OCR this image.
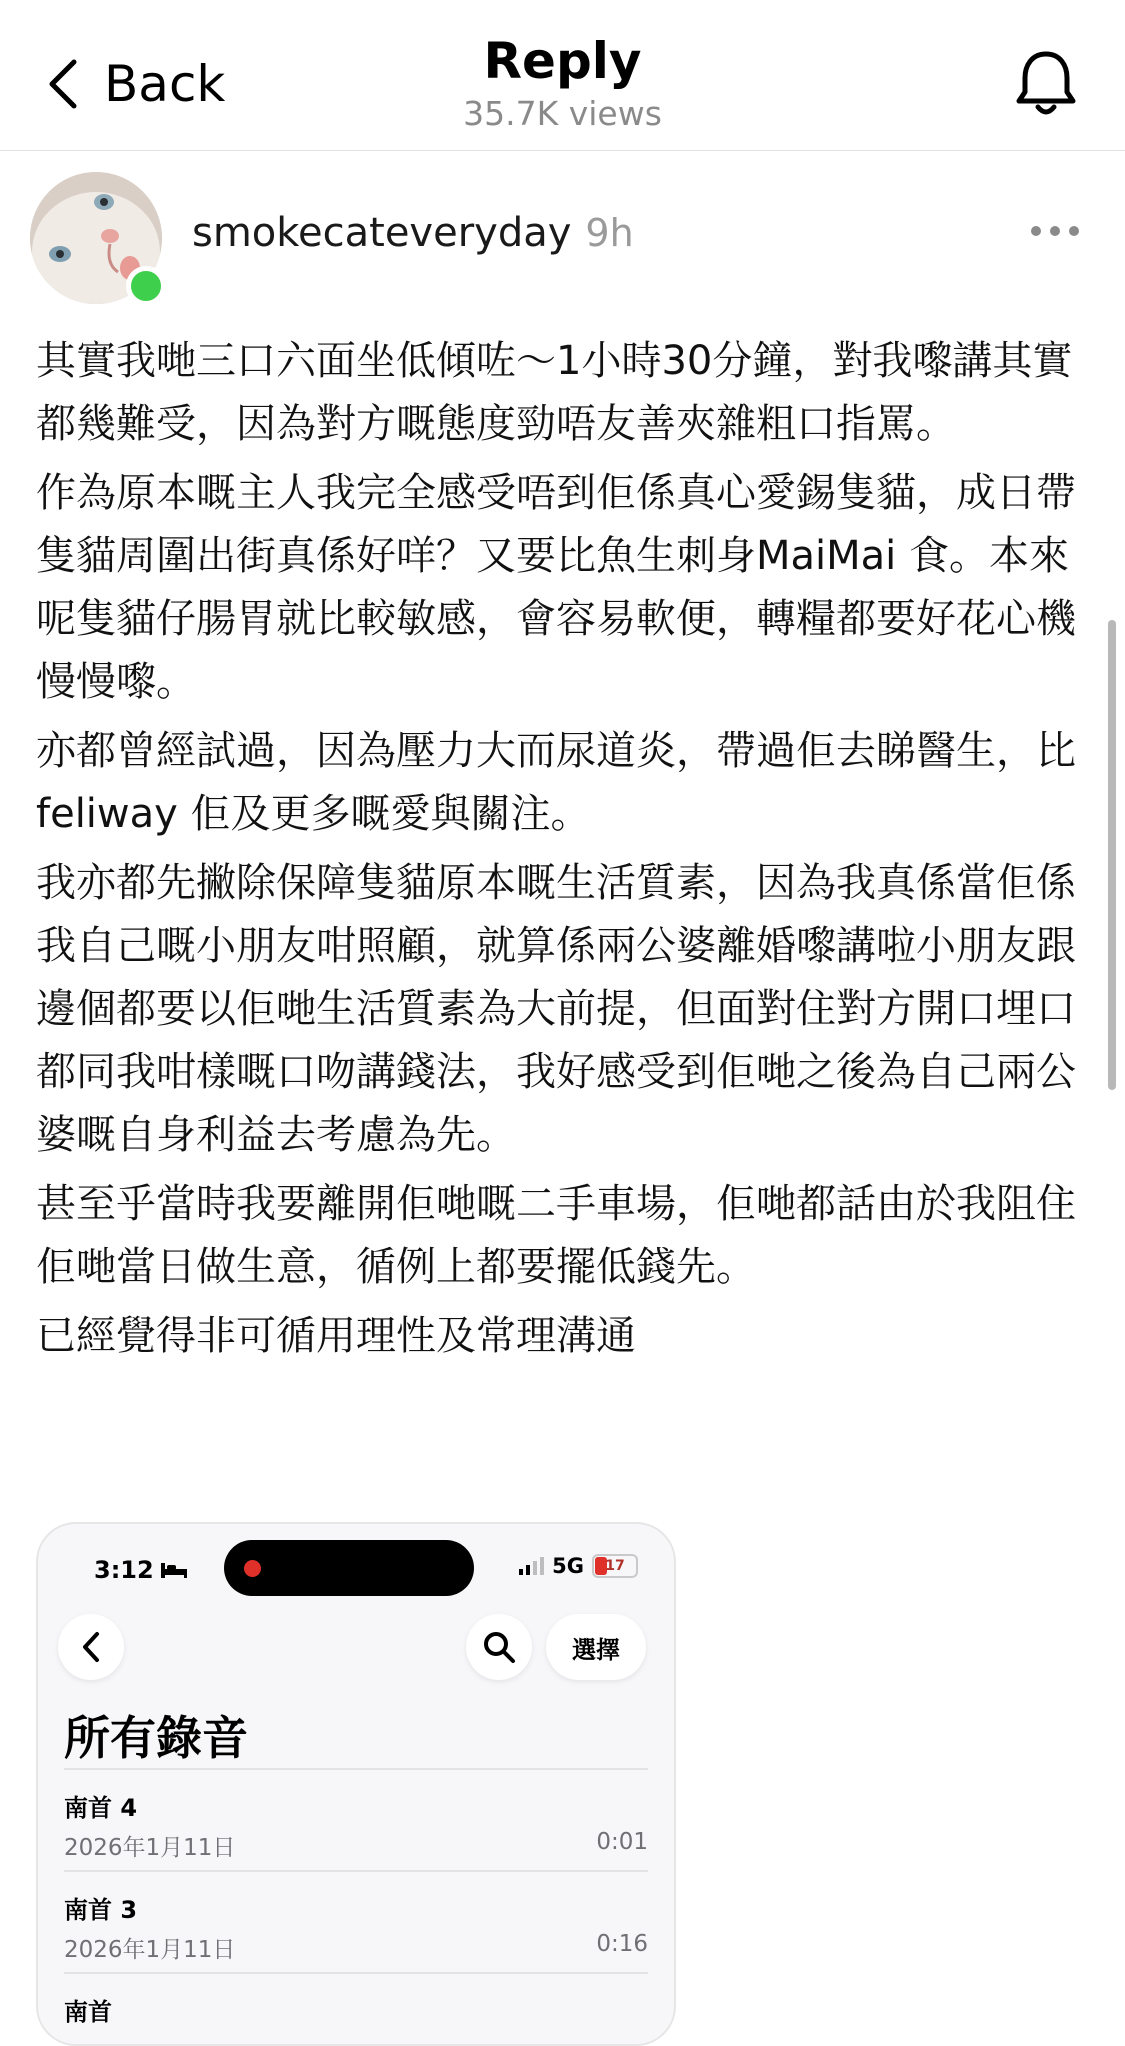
Back	Reply
35.7K views
smokecateveryday 9h

其實我哋三口六面坐低傾咗～1小時30分鐘，對我嚟講其實都幾難受，因為對方嘅態度勁唔友善夾雜粗口指罵。

作為原本嘅主人我完全感受唔到佢係真心愛錫隻貓，成日帶隻貓周圍出街真係好咩？又要比魚生刺身MaiMai 食。本來呢隻貓仔腸胃就比較敏感，會容易軟便，轉糧都要好花心機慢慢嚟。

亦都曾經試過，因為壓力大而尿道炎，帶過佢去睇醫生，比 feliway 佢及更多嘅愛與關注。

我亦都先撇除保障隻貓原本嘅生活質素，因為我真係當佢係我自己嘅小朋友咁照顧，就算係兩公婆離婚嚟講啦小朋友跟邊個都要以佢哋生活質素為大前提，但面對住對方開口埋口都同我咁樣嘅口吻講錢法，我好感受到佢哋之後為自己兩公婆嘅自身利益去考慮為先。

甚至乎當時我要離開佢哋嘅二手車場，佢哋都話由於我阻住佢哋當日做生意，循例上都要擺低錢先。

已經覺得非可循用理性及常理溝通

3:12	5G	17
選擇
所有錄音
南首 4
2026年1月11日	0:01
南首 3
2026年1月11日	0:16
南首
